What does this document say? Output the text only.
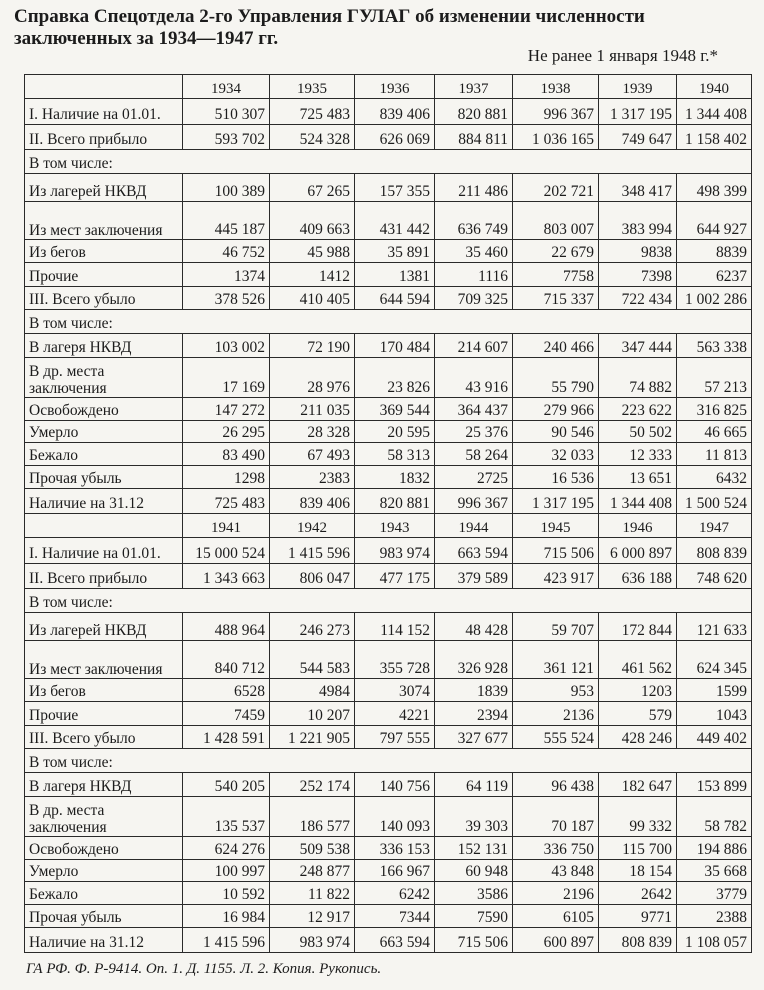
Справка Спецотдела 2-го Управления ГУЛАГ об изменении численности заключенных за 1934—1947 гг.
Не ранее 1 января 1948 г.*
	1934	1935	1936	1937	1938	1939	1940
I. Наличие на 01.01.	510 307	725 483	839 406	820 881	996 367	1 317 195	1 344 408
II. Всего прибыло	593 702	524 328	626 069	884 811	1 036 165	749 647	1 158 402
В том числе:							
Из лагерей НКВД	100 389	67 265	157 355	211 486	202 721	348 417	498 399
Из мест заключения	445 187	409 663	431 442	636 749	803 007	383 994	644 927
Из бегов	46 752	45 988	35 891	35 460	22 679	9838	8839
Прочие	1374	1412	1381	1116	7758	7398	6237
III. Всего убыло	378 526	410 405	644 594	709 325	715 337	722 434	1 002 286
В том числе:							
В лагеря НКВД	103 002	72 190	170 484	214 607	240 466	347 444	563 338
В др. места заключения	17 169	28 976	23 826	43 916	55 790	74 882	57 213
Освобождено	147 272	211 035	369 544	364 437	279 966	223 622	316 825
Умерло	26 295	28 328	20 595	25 376	90 546	50 502	46 665
Бежало	83 490	67 493	58 313	58 264	32 033	12 333	11 813
Прочая убыль	1298	2383	1832	2725	16 536	13 651	6432
Наличие на 31.12	725 483	839 406	820 881	996 367	1 317 195	1 344 408	1 500 524
	1941	1942	1943	1944	1945	1946	1947
I. Наличие на 01.01.	15 000 524	1 415 596	983 974	663 594	715 506	6 000 897	808 839
II. Всего прибыло	1 343 663	806 047	477 175	379 589	423 917	636 188	748 620
В том числе:							
Из лагерей НКВД	488 964	246 273	114 152	48 428	59 707	172 844	121 633
Из мест заключения	840 712	544 583	355 728	326 928	361 121	461 562	624 345
Из бегов	6528	4984	3074	1839	953	1203	1599
Прочие	7459	10 207	4221	2394	2136	579	1043
III. Всего убыло	1 428 591	1 221 905	797 555	327 677	555 524	428 246	449 402
В том числе:							
В лагеря НКВД	540 205	252 174	140 756	64 119	96 438	182 647	153 899
В др. места заключения	135 537	186 577	140 093	39 303	70 187	99 332	58 782
Освобождено	624 276	509 538	336 153	152 131	336 750	115 700	194 886
Умерло	100 997	248 877	166 967	60 948	43 848	18 154	35 668
Бежало	10 592	11 822	6242	3586	2196	2642	3779
Прочая убыль	16 984	12 917	7344	7590	6105	9771	2388
Наличие на 31.12	1 415 596	983 974	663 594	715 506	600 897	808 839	1 108 057
ГА РФ. Ф. Р-9414. Оп. 1. Д. 1155. Л. 2. Копия. Рукопись.
